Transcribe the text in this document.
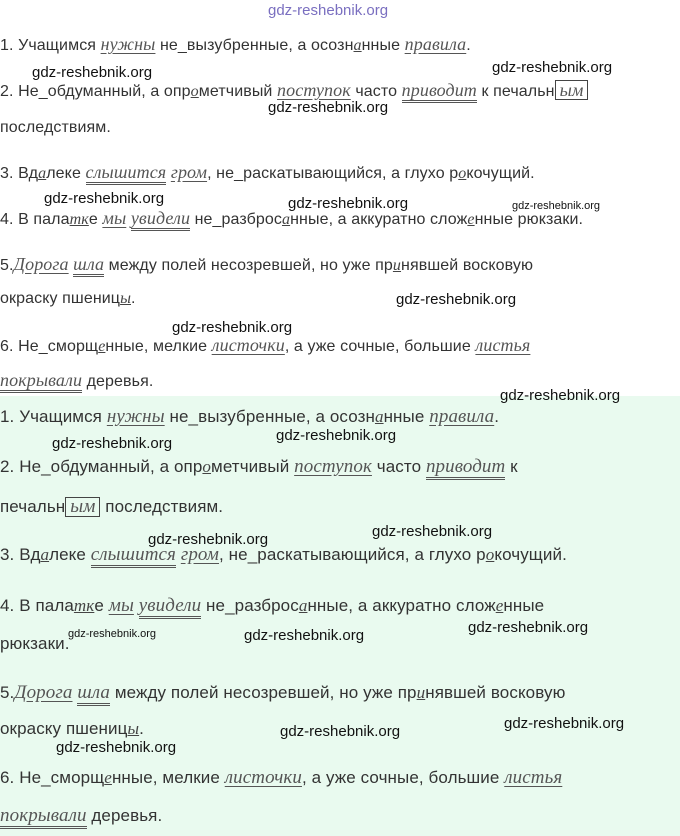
gdz-reshebnik.org
1. Учащимся нужны не_вызубренные, а осознанные правила.
2. Не_обдуманный, а опрометчивый поступок часто приводит к печальн ым
последствиям.
3. Вдалеке слышится гром, не_раскатывающийся, а глухо рокочущий.
4. В палатке мы увидели не_разбросанные, а аккуратно сложенные рюкзаки.
5.Дорога шла между полей несозревшей, но уже принявшей восковую
окраску пшеницы.
6. Не_сморщенные, мелкие листочки, а уже сочные, большие листья
покрывали деревья.
1. Учащимся нужны не_вызубренные, а осознанные правила.
2. Не_обдуманный, а опрометчивый поступок часто приводит к
печальн ым последствиям.
3. Вдалеке слышится гром, не_раскатывающийся, а глухо рокочущий.
4. В палатке мы увидели не_разбросанные, а аккуратно сложенные
рюкзаки.
5.Дорога шла между полей несозревшей, но уже принявшей восковую
окраску пшеницы.
6. Не_сморщенные, мелкие листочки, а уже сочные, большие листья
покрывали деревья.
gdz-reshebnik.org	gdz-reshebnik.org
gdz-reshebnik.org
gdz-reshebnik.org	gdz-reshebnik.org	gdz-reshebnik.org
gdz-reshebnik.org
gdz-reshebnik.org
gdz-reshebnik.org
gdz-reshebnik.org	gdz-reshebnik.org
gdz-reshebnik.org	gdz-reshebnik.org
gdz-reshebnik.org	gdz-reshebnik.org	gdz-reshebnik.org
gdz-reshebnik.org
gdz-reshebnik.org
gdz-reshebnik.org
